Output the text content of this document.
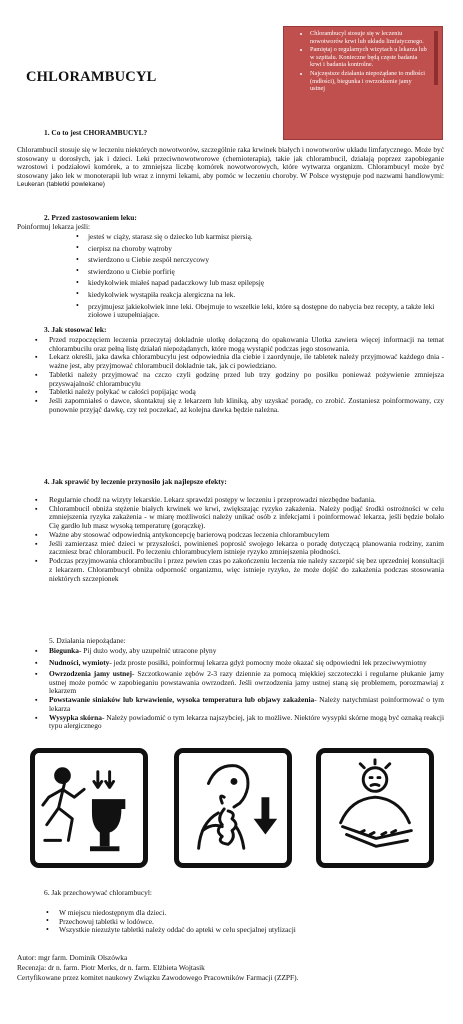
• Chlorambucyl stosuje się w leczeniu nowotworów krwi lub układu limfatycznego.
• Pamiętaj o regularnych wizytach u lekarza lub w szpitalu. Konieczne będą częste badania krwi i badania kontrolne.
• Najczęstsze działania niepożądane to mdłości (mdłości), biegunka i owrzodzenie jamy ustnej
CHLORAMBUCYL
1. Co to jest CHORAMBUCYL?
Chlorambucil stosuje się w leczeniu niektórych nowotworów, szczególnie raka krwinek białych i nowotworów układu limfatycznego. Może być stosowany u dorosłych, jak i dzieci. Leki przeciwnowotworowe (chemioterapia), takie jak chlorambucil, działają poprzez zapobieganie wzrostowi i podziałowi komórek, a to zmniejsza liczbę komórek nowotworowych, które wytwarza organizm. Chlorambucyl może być stosowany jako lek w monoterapii lub wraz z innymi lekami, aby pomóc w leczeniu choroby. W Polsce występuje pod nazwami handlowymi: Leukeran (tabletki powlekane)
2. Przed zastosowaniem leku:
Poinformuj lekarza jeśli:
• jesteś w ciąży, starasz się o dziecko lub karmisz piersią.
• cierpisz na choroby wątroby
• stwierdzono u Ciebie zespół nerczycowy
• stwierdzono u Ciebie porfirię
• kiedykolwiek miałeś napad padaczkowy lub masz epilepsję
• kiedykolwiek wystąpiła reakcja alergiczna na lek.
• przyjmujesz jakiekolwiek inne leki. Obejmuje to wszelkie leki, które są dostępne do nabycia bez recepty, a także leki ziołowe i uzupełniające.
3. Jak stosować lek:
▪ Przed rozpoczęciem leczenia przeczytaj dokładnie ulotkę dołączoną do opakowania Ulotka zawiera więcej informacji na temat chlorambucilu oraz pełną listę działań niepożądanych, które mogą wystąpić podczas jego stosowania.
▪ Lekarz określi, jaka dawka chlorambucylu jest odpowiednia dla ciebie i zaordynuje, ile tabletek należy przyjmować każdego dnia - ważne jest, aby przyjmować chlorambucil dokładnie tak, jak ci powiedziano.
▪ Tabletki należy przyjmować na czczo czyli godzinę przed lub trzy godziny po posiłku ponieważ pożywienie zmniejsza przyswajalność chlorambucylu
▪ Tabletki należy połykać w całości popijając wodą
▪ Jeśli zapomniałeś o dawce, skontaktuj się z lekarzem lub kliniką, aby uzyskać poradę, co zrobić. Zostaniesz poinformowany, czy ponownie przyjąć dawkę, czy też poczekać, aż kolejna dawka będzie należna.
4. Jak sprawić by leczenie przynosiło jak najlepsze efekty:
▪ Regularnie chodź na wizyty lekarskie. Lekarz sprawdzi postępy w leczeniu i przeprowadzi niezbędne badania.
▪ Chlorambucil obniża stężenie białych krwinek we krwi, zwiększając ryzyko zakażenia. Należy podjąć środki ostrożności w celu zmniejszenia ryzyka zakażenia - w miarę możliwości należy unikać osób z infekcjami i poinformować lekarza, jeśli będzie bolało Cię gardło lub masz wysoką temperaturę (gorączkę).
▪ Ważne aby stosować odpowiednią antykoncepcję barierową podczas leczenia chlorambucylem
▪ Jeśli zamierzasz mieć dzieci w przyszłości, powinieneś poprosić swojego lekarza o poradę dotyczącą planowania rodziny, zanim zaczniesz brać chlorambucil. Po leczeniu chlorambucylem istnieje ryzyko zmniejszenia płodności.
▪ Podczas przyjmowania chlorambucilu i przez pewien czas po zakończeniu leczenia nie należy szczepić się bez uprzedniej konsultacji z lekarzem. Chlorambucyl obniża odporność organizmu, więc istnieje ryzyko, że może dojść do zakażenia podczas stosowania niektórych szczepionek
5. Działania niepożądane:
▪ Biegunka- Pij dużo wody, aby uzupełnić utracone płyny
▪ Nudności, wymioty- jedz proste posiłki, poinformuj lekarza gdyż pomocny może okazać się odpowiedni lek przeciwwymiotny
▪ Owrzodzenia jamy ustnej- Szczotkowanie zębów 2-3 razy dziennie za pomocą miękkiej szczoteczki i regularne płukanie jamy ustnej może pomóc w zapobieganiu powstawania owrzodzeń. Jeśli owrzodzenia jamy ustnej staną się problemem, porozmawiaj z lekarzem
▪ Powstawanie siniaków lub krwawienie, wysoka temperatura lub objawy zakażenia- Należy natychmiast poinformować o tym lekarza
▪ Wysypka skórna- Należy powiadomić o tym lekarza najszybciej, jak to możliwe. Niektóre wysypki skórne mogą być oznaką reakcji typu alergicznego
6. Jak przechowywać chlorambucyl:
• W miejscu niedostępnym dla dzieci.
• Przechowuj tabletki w lodówce.
• Wszystkie niezużyte tabletki należy oddać do apteki w celu specjalnej utylizacji
Autor: mgr farm. Dominik Olszówka
Recenzja: dr n. farm. Piotr Merks, dr n. farm. Elżbieta Wojtasik
Certyfikowane przez komitet naukowy Związku Zawodowego Pracowników Farmacji (ZZPF).
